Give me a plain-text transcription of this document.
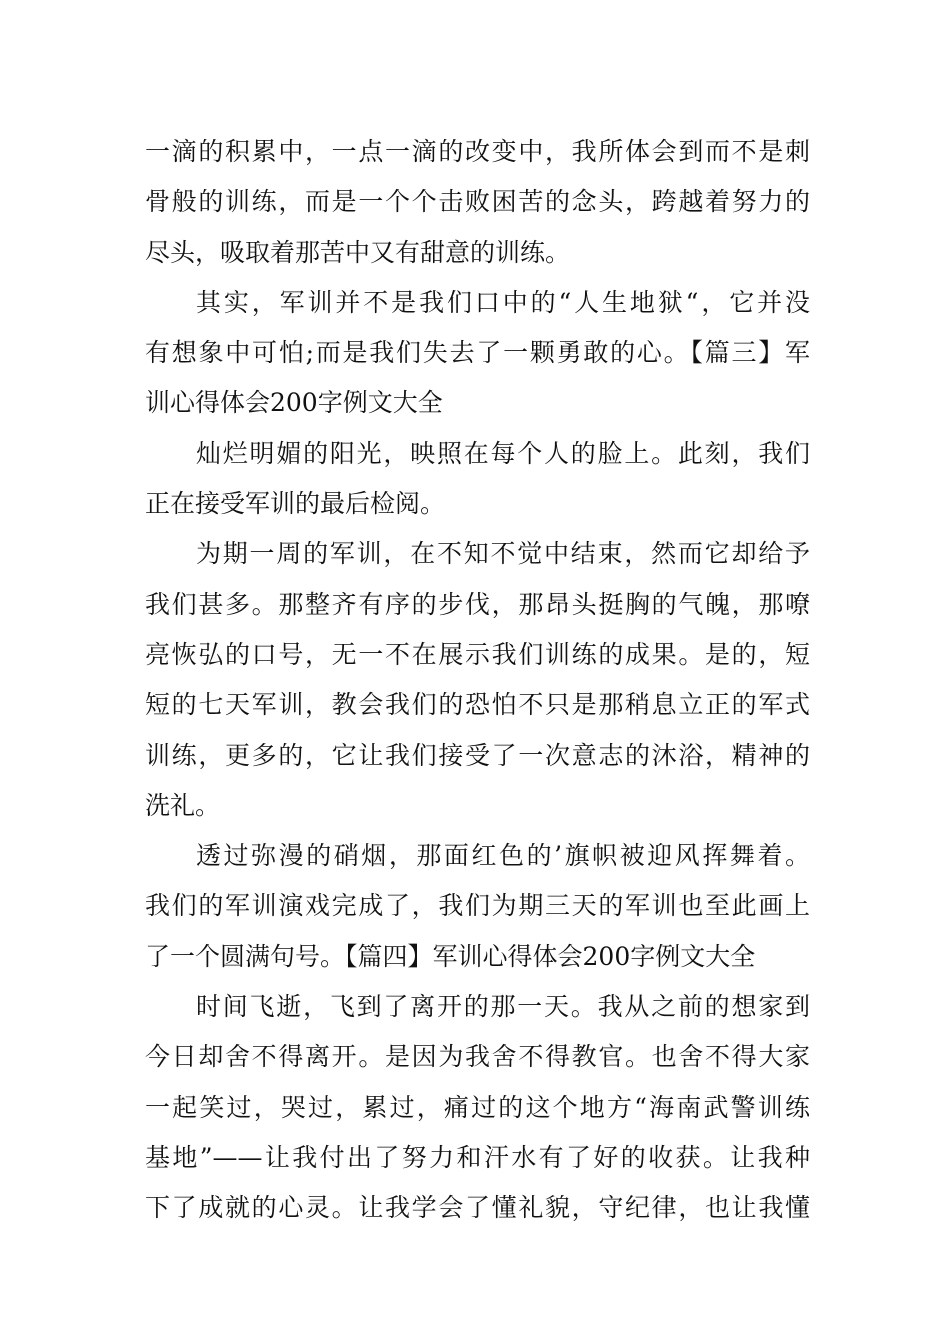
一滴的积累中，一点一滴的改变中，我所体会到而不是刺
骨般的训练，而是一个个击败困苦的念头，跨越着努力的
尽头，吸取着那苦中又有甜意的训练。
其实，军训并不是我们口中的“人生地狱“，它并没
有想象中可怕;而是我们失去了一颗勇敢的心。【篇三】军
训心得体会200字例文大全
灿烂明媚的阳光，映照在每个人的脸上。此刻，我们
正在接受军训的最后检阅。
为期一周的军训，在不知不觉中结束，然而它却给予
我们甚多。那整齐有序的步伐，那昂头挺胸的气魄，那嘹
亮恢弘的口号，无一不在展示我们训练的成果。是的，短
短的七天军训，教会我们的恐怕不只是那稍息立正的军式
训练，更多的，它让我们接受了一次意志的沐浴，精神的
洗礼。
透过弥漫的硝烟，那面红色的’旗帜被迎风挥舞着。
我们的军训演戏完成了，我们为期三天的军训也至此画上
了一个圆满句号。【篇四】军训心得体会200字例文大全
时间飞逝，飞到了离开的那一天。我从之前的想家到
今日却舍不得离开。是因为我舍不得教官。也舍不得大家
一起笑过，哭过，累过，痛过的这个地方“海南武警训练
基地”——让我付出了努力和汗水有了好的收获。让我种
下了成就的心灵。让我学会了懂礼貌，守纪律，也让我懂
